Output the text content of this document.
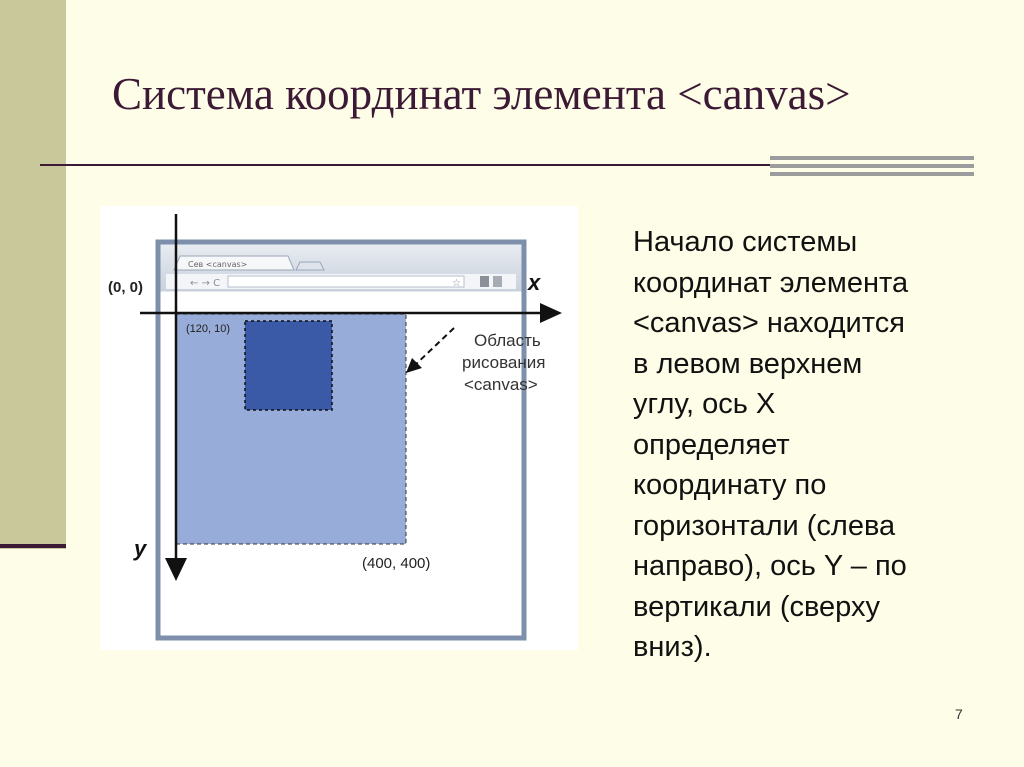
Система координат элемента <canvas>
← → C	☆
Сев <canvas>
x
y
(0, 0)
(120, 10)
(400, 400)
Область
рисования
<canvas>

Начало системы
координат элемента
<canvas> находится
в левом верхнем
углу, ось X
определяет
координату по
горизонтали (слева
направо), ось Y – по
вертикали (сверху
вниз).

7
